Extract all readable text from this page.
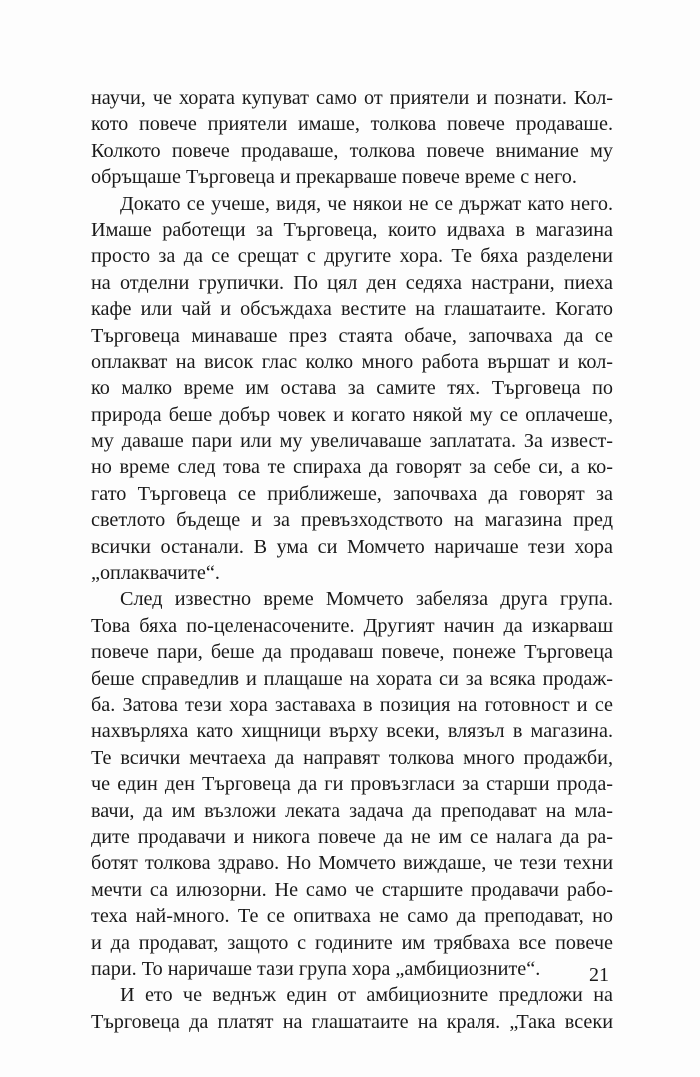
научи, че хората купуват само от приятели и познати. Кол-
кото повече приятели имаше, толкова повече продаваше.
Колкото повече продаваше, толкова повече внимание му
обръщаше Търговеца и прекарваше повече време с него.
Докато се учеше, видя, че някои не се държат като него.
Имаше работещи за Търговеца, които идваха в магазина
просто за да се срещат с другите хора. Те бяха разделени
на отделни групички. По цял ден седяха настрани, пиеха
кафе или чай и обсъждаха вестите на глашатаите. Когато
Търговеца минаваше през стаята обаче, започваха да се
оплакват на висок глас колко много работа вършат и кол-
ко малко време им остава за самите тях. Търговеца по
природа беше добър човек и когато някой му се оплачеше,
му даваше пари или му увеличаваше заплатата. За извест-
но време след това те спираха да говорят за себе си, а ко-
гато Търговеца се приближеше, започваха да говорят за
светлото бъдеще и за превъзходството на магазина пред
всички останали. В ума си Момчето наричаше тези хора
„оплаквачите“.
След известно време Момчето забеляза друга група.
Това бяха по-целенасочените. Другият начин да изкарваш
повече пари, беше да продаваш повече, понеже Търговеца
беше справедлив и плащаше на хората си за всяка продаж-
ба. Затова тези хора заставаха в позиция на готовност и се
нахвърляха като хищници върху всеки, влязъл в магазина.
Те всички мечтаеха да направят толкова много продажби,
че един ден Търговеца да ги провъзгласи за старши прода-
вачи, да им възложи леката задача да преподават на мла-
дите продавачи и никога повече да не им се налага да ра-
ботят толкова здраво. Но Момчето виждаше, че тези техни
мечти са илюзорни. Не само че старшите продавачи рабо-
теха най-много. Те се опитваха не само да преподават, но
и да продават, защото с годините им трябваха все повече
пари. То наричаше тази група хора „амбициозните“.
И ето че веднъж един от амбициозните предложи на
Търговеца да платят на глашатаите на краля. „Така всеки
21
